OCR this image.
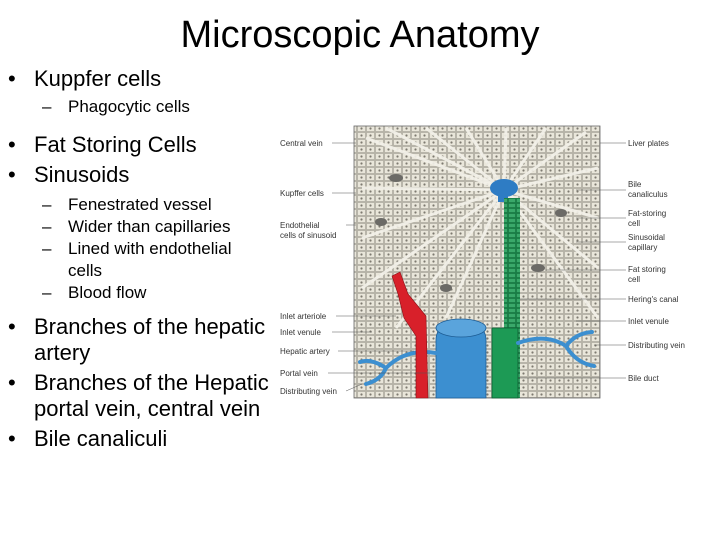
Microscopic Anatomy
• Kuppfer cells
– Phagocytic cells
• Fat Storing Cells
• Sinusoids
– Fenestrated vessel
– Wider than capillaries
– Lined with endothelial cells
– Blood flow
• Branches of the hepatic artery
• Branches of the Hepatic portal vein, central vein
• Bile canaliculi
Central vein
Kupffer cells
Endothelial
cells of sinusoid
Inlet arteriole
Inlet venule
Hepatic artery
Portal vein
Distributing vein
Liver plates
Bile
canaliculus
Fat-storing
cell
Sinusoidal
capillary
Fat storing
cell
Hering's canal
Inlet venule
Distributing vein
Bile duct
